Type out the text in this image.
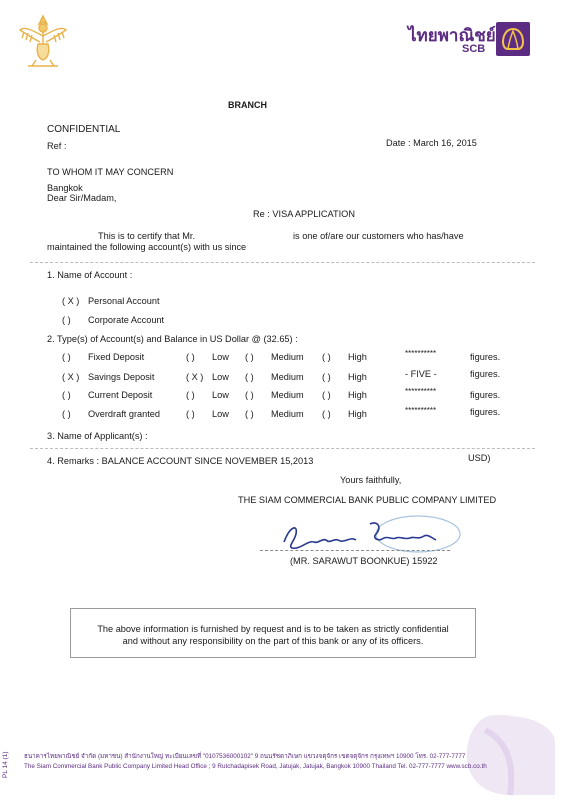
ไทยพาณิชย์
SCB
BRANCH
CONFIDENTIAL
Ref :	Date : March 16, 2015
TO WHOM IT MAY CONCERN
Bangkok
Dear Sir/Madam,
Re : VISA APPLICATION
This is to certify that Mr.	is one of/are our customers who has/have
maintained the following account(s) with us since
1. Name of Account :
( X ) Personal Account
( ) Corporate Account
2. Type(s) of Account(s) and Balance in US Dollar @ (32.65) :
( ) Fixed Deposit	( ) Low ( ) Medium ( ) High	**********	figures.
( X ) Savings Deposit	( X ) Low ( ) Medium ( ) High	- FIVE -	figures.
( ) Current Deposit	( ) Low ( ) Medium ( ) High	**********	figures.
( ) Overdraft granted	( ) Low ( ) Medium ( ) High	**********	figures.
3. Name of Applicant(s) :
4. Remarks : BALANCE ACCOUNT SINCE NOVEMBER 15,2013	USD)
Yours faithfully,
THE SIAM COMMERCIAL BANK PUBLIC COMPANY LIMITED
(MR. SARAWUT BOONKUE) 15922
The above information is furnished by request and is to be taken as strictly confidential
and without any responsibility on the part of this bank or any of its officers.
ธนาคารไทยพาณิชย์ จำกัด (มหาชน) สำนักงานใหญ่ ทะเบียนเลขที่ "0107536000102" 9 ถนนรัชดาภิเษก แขวงจตุจักร เขตจตุจักร กรุงเทพฯ 10900 โทร. 02-777-7777
The Siam Commercial Bank Public Company Limited Head Office ; 9 Rutchadapisek Road, Jatujak, Jatujak, Bangkok 10900 Thailand Tel. 02-777-7777 www.scb.co.th
PL 14 (1)
